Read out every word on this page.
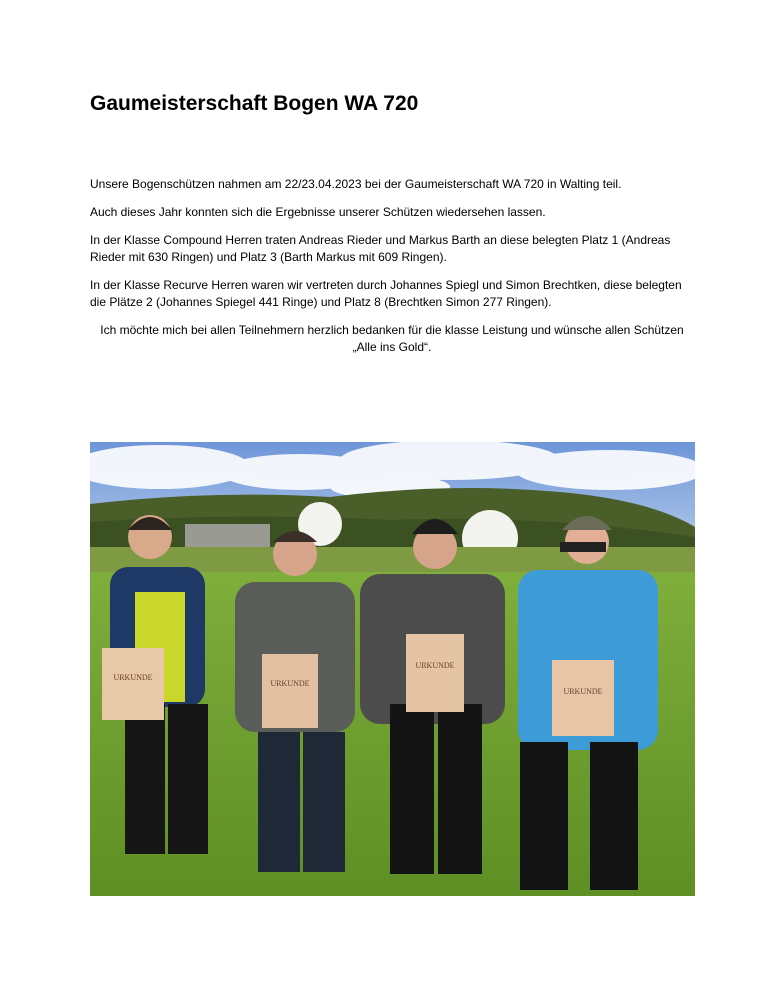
Gaumeisterschaft Bogen WA 720

Unsere Bogenschützen nahmen am 22/23.04.2023 bei der Gaumeisterschaft WA 720 in Walting teil.

Auch dieses Jahr konnten sich die Ergebnisse unserer Schützen wiedersehen lassen.

In der Klasse Compound Herren traten Andreas Rieder und Markus Barth an diese belegten Platz 1 (Andreas Rieder mit 630 Ringen) und Platz 3 (Barth Markus mit 609 Ringen).

In der Klasse Recurve Herren waren wir vertreten durch Johannes Spiegl und Simon Brechtken, diese belegten die Plätze 2 (Johannes Spiegel 441 Ringe) und Platz 8 (Brechtken Simon 277 Ringen).

Ich möchte mich bei allen Teilnehmern herzlich bedanken für die klasse Leistung und wünsche allen Schützen
„Alle ins Gold“.

URKUNDE
URKUNDE
URKUNDE
URKUNDE
